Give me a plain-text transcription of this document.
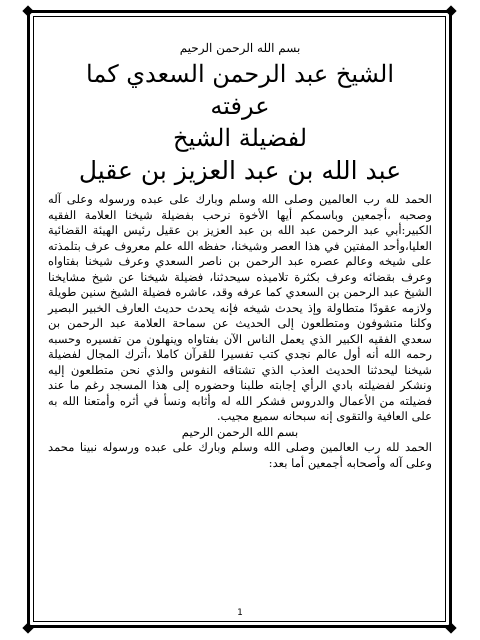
بسم الله الرحمن الرحيم
الشيخ عبد الرحمن السعدي كما
عرفته
لفضيلة الشيخ
عبد الله بن عبد العزيز بن عقيل

الحمد لله رب العالمين وصلى الله وسلم وبارك على عبده ورسوله وعلى آله وصحبه ،أجمعين وباسمكم أيها الأخوة نرحب بفضيلة شيخنا العلامة الفقيه الكبير:أبي عبد الرحمن عبد الله بن عبد العزيز بن عقيل رئيس الهيئة القضائية العليا،وأحد المفتين في هذا العصر وشيخنا، حفظه الله علم معروف عرف بتلمذته على شيخه وعالم عصره عبد الرحمن بن ناصر السعدي وعرف شيخنا بفتاواه وعرف بقضائه وعرف بكثرة تلاميذه سيحدثنا، فضيلة شيخنا عن شيخ مشايخنا الشيخ عبد الرحمن بن السعدي كما عرفه وقد، عاشره فضيلة الشيخ سنين طويلة ولازمه عقودًا متطاولة وإذ يحدث شيخه فإنه يحدث حديث العارف الخبير البصير وكلنا متشوفون ومتطلعون إلى الحديث عن سماحة العلامة عبد الرحمن بن سعدي الفقيه الكبير الذي يعمل الناس الآن بفتاواه وينهلون من تفسيره وحسبه رحمه الله أنه أول عالم نجدي كتب تفسيرا للقرآن كاملا ،أترك المجال لفضيلة شيخنا ليحدثنا الحديث العذب الذي تشتاقه النفوس والذي نحن متطلعون إليه ونشكر لفضيلته بادي الرأي إجابته طلبنا وحضوره إلى هذا المسجد رغم ما عند فضيلته من الأعمال والدروس فشكر الله له وأثابه ونسأ في أثره وأمتعنا الله به على العافية والتقوى إنه سبحانه سميع مجيب.

بسم الله الرحمن الرحيم
الحمد لله رب العالمين وصلى الله وسلم وبارك على عبده ورسوله نبينا محمد وعلى آله وأصحابه أجمعين أما بعد:
1
